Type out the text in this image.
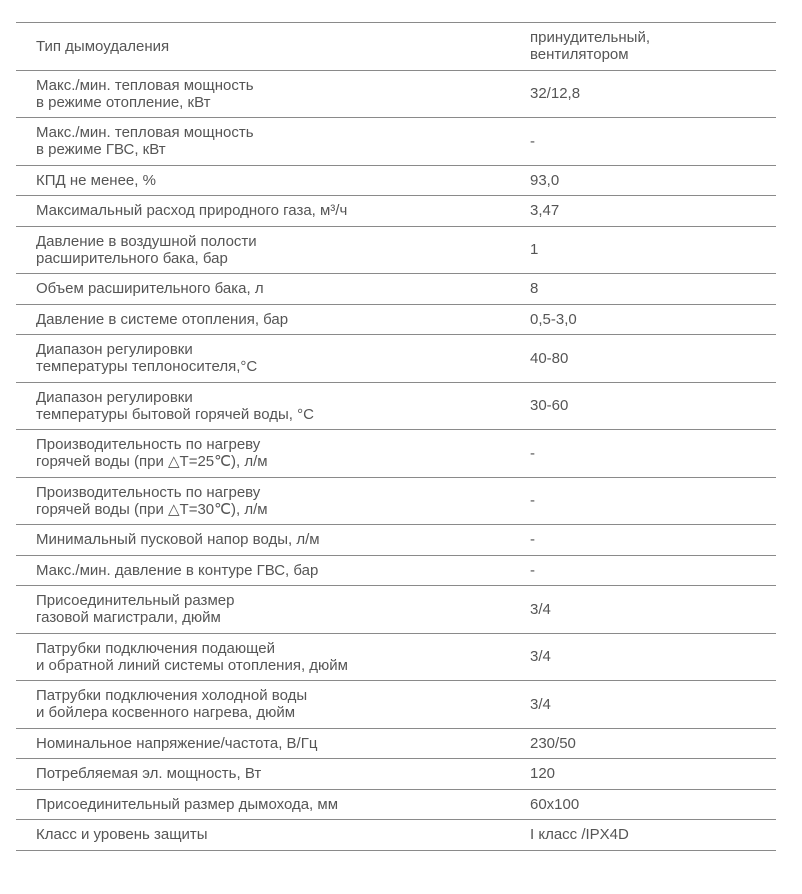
Тип дымоудаления	принудительный,
вентилятором

Макс./мин. тепловая мощность
в режиме отопление, кВт	32/12,8

Макс./мин. тепловая мощность
в режиме ГВС, кВт	-

КПД не менее, %	93,0

Максимальный расход природного газа, м³/ч	3,47

Давление в воздушной полости
расширительного бака, бар	1

Объем расширительного бака, л	8

Давление в системе отопления, бар	0,5-3,0

Диапазон регулировки
температуры теплоносителя,°C	40-80

Диапазон регулировки
температуры бытовой горячей воды, °C	30-60

Производительность по нагреву
горячей воды (при △T=25℃), л/м	-

Производительность по нагреву
горячей воды (при △T=30℃), л/м	-

Минимальный пусковой напор воды, л/м	-

Макс./мин. давление в контуре ГВС, бар	-

Присоединительный размер
газовой магистрали, дюйм	3/4

Патрубки подключения подающей
и обратной линий системы отопления, дюйм	3/4

Патрубки подключения холодной воды
и бойлера косвенного нагрева, дюйм	3/4

Номинальное напряжение/частота, В/Гц	230/50

Потребляемая эл. мощность, Вт	120

Присоединительный размер дымохода, мм	60x100

Класс и уровень защиты	I класс /IPX4D
